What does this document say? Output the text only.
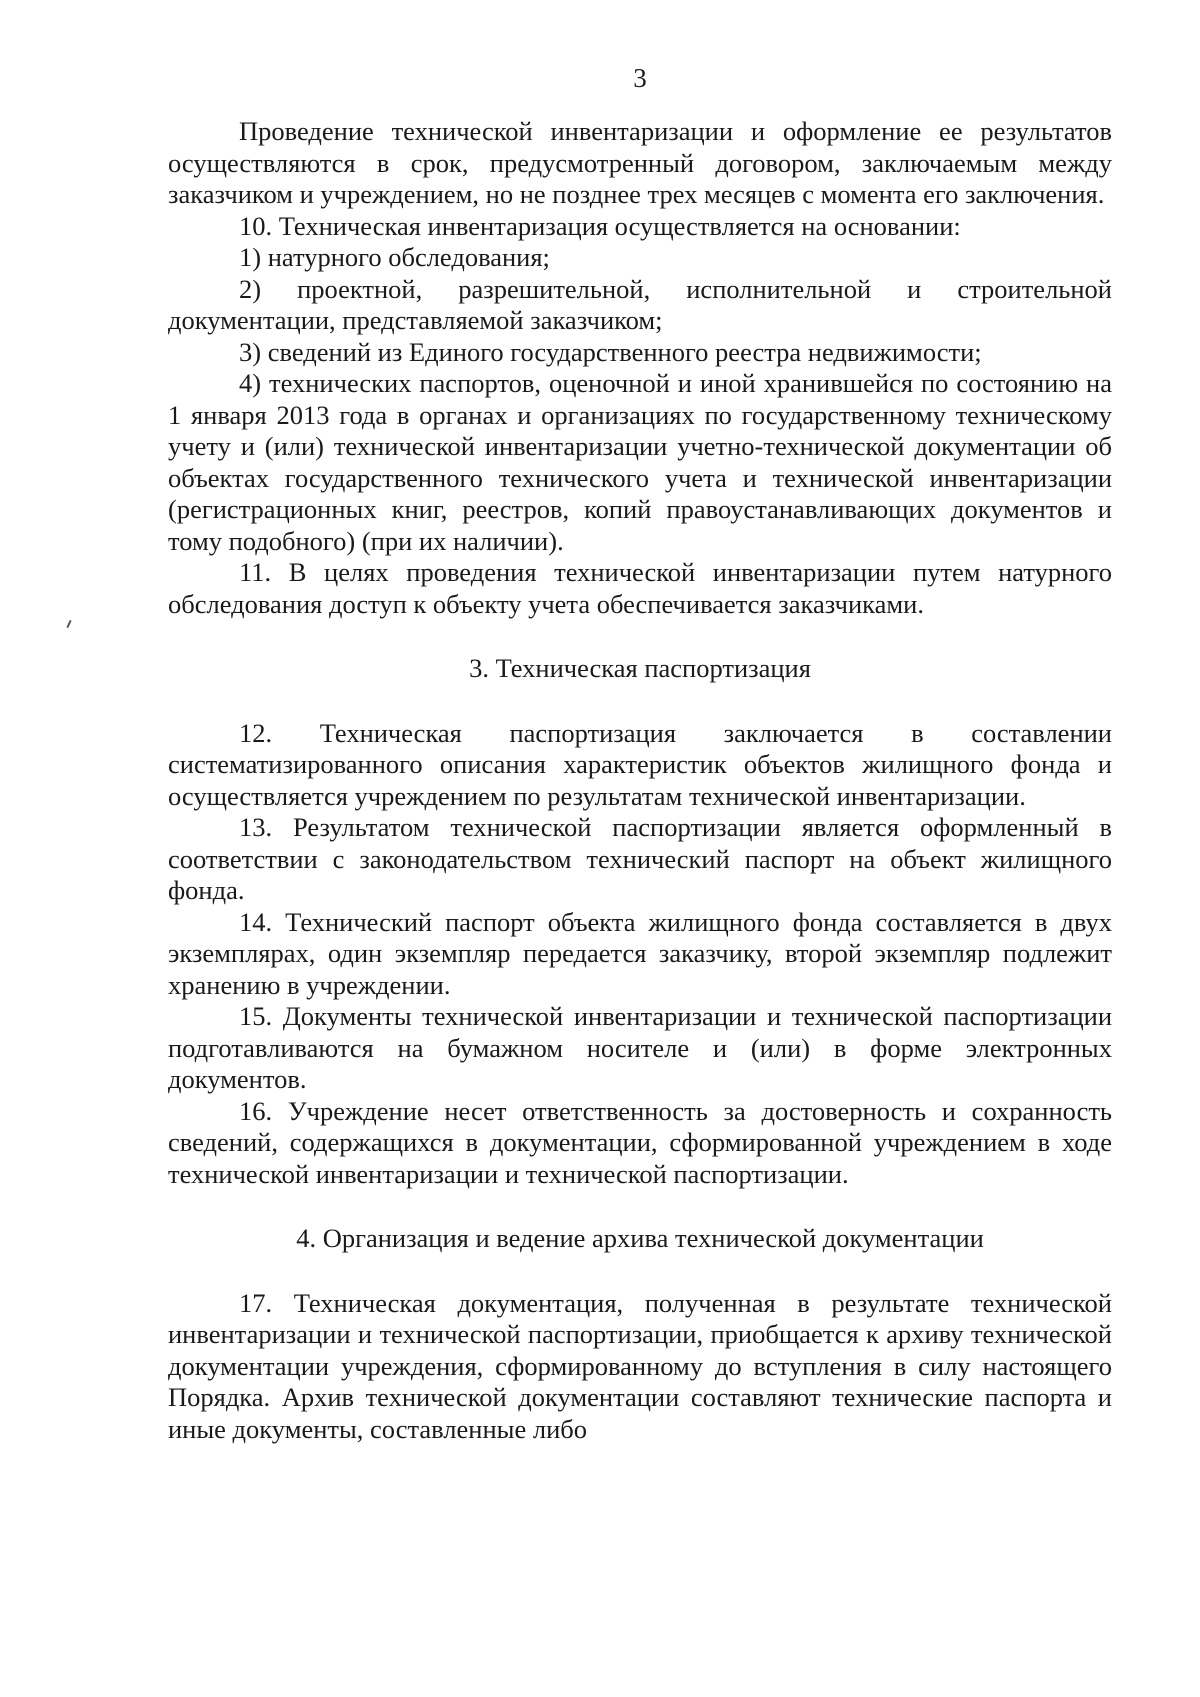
3

Проведение технической инвентаризации и оформление ее результатов осуществляются в срок, предусмотренный договором, заключаемым между заказчиком и учреждением, но не позднее трех месяцев с момента его заключения.

10. Техническая инвентаризация осуществляется на основании:

1) натурного обследования;

2) проектной, разрешительной, исполнительной и строительной документации, представляемой заказчиком;

3) сведений из Единого государственного реестра недвижимости;

4) технических паспортов, оценочной и иной хранившейся по состоянию на 1 января 2013 года в органах и организациях по государственному техническому учету и (или) технической инвентаризации учетно-технической документации об объектах государственного технического учета и технической инвентаризации (регистрационных книг, реестров, копий правоустанавливающих документов и тому подобного) (при их наличии).

11. В целях проведения технической инвентаризации путем натурного обследования доступ к объекту учета обеспечивается заказчиками.

3. Техническая паспортизация

12. Техническая паспортизация заключается в составлении систематизированного описания характеристик объектов жилищного фонда и осуществляется учреждением по результатам технической инвентаризации.

13. Результатом технической паспортизации является оформленный в соответствии с законодательством технический паспорт на объект жилищного фонда.

14. Технический паспорт объекта жилищного фонда составляется в двух экземплярах, один экземпляр передается заказчику, второй экземпляр подлежит хранению в учреждении.

15. Документы технической инвентаризации и технической паспортизации подготавливаются на бумажном носителе и (или) в форме электронных документов.

16. Учреждение несет ответственность за достоверность и сохранность сведений, содержащихся в документации, сформированной учреждением в ходе технической инвентаризации и технической паспортизации.

4. Организация и ведение архива технической документации

17. Техническая документация, полученная в результате технической инвентаризации и технической паспортизации, приобщается к архиву технической документации учреждения, сформированному до вступления в силу настоящего Порядка. Архив технической документации составляют технические паспорта и иные документы, составленные либо
